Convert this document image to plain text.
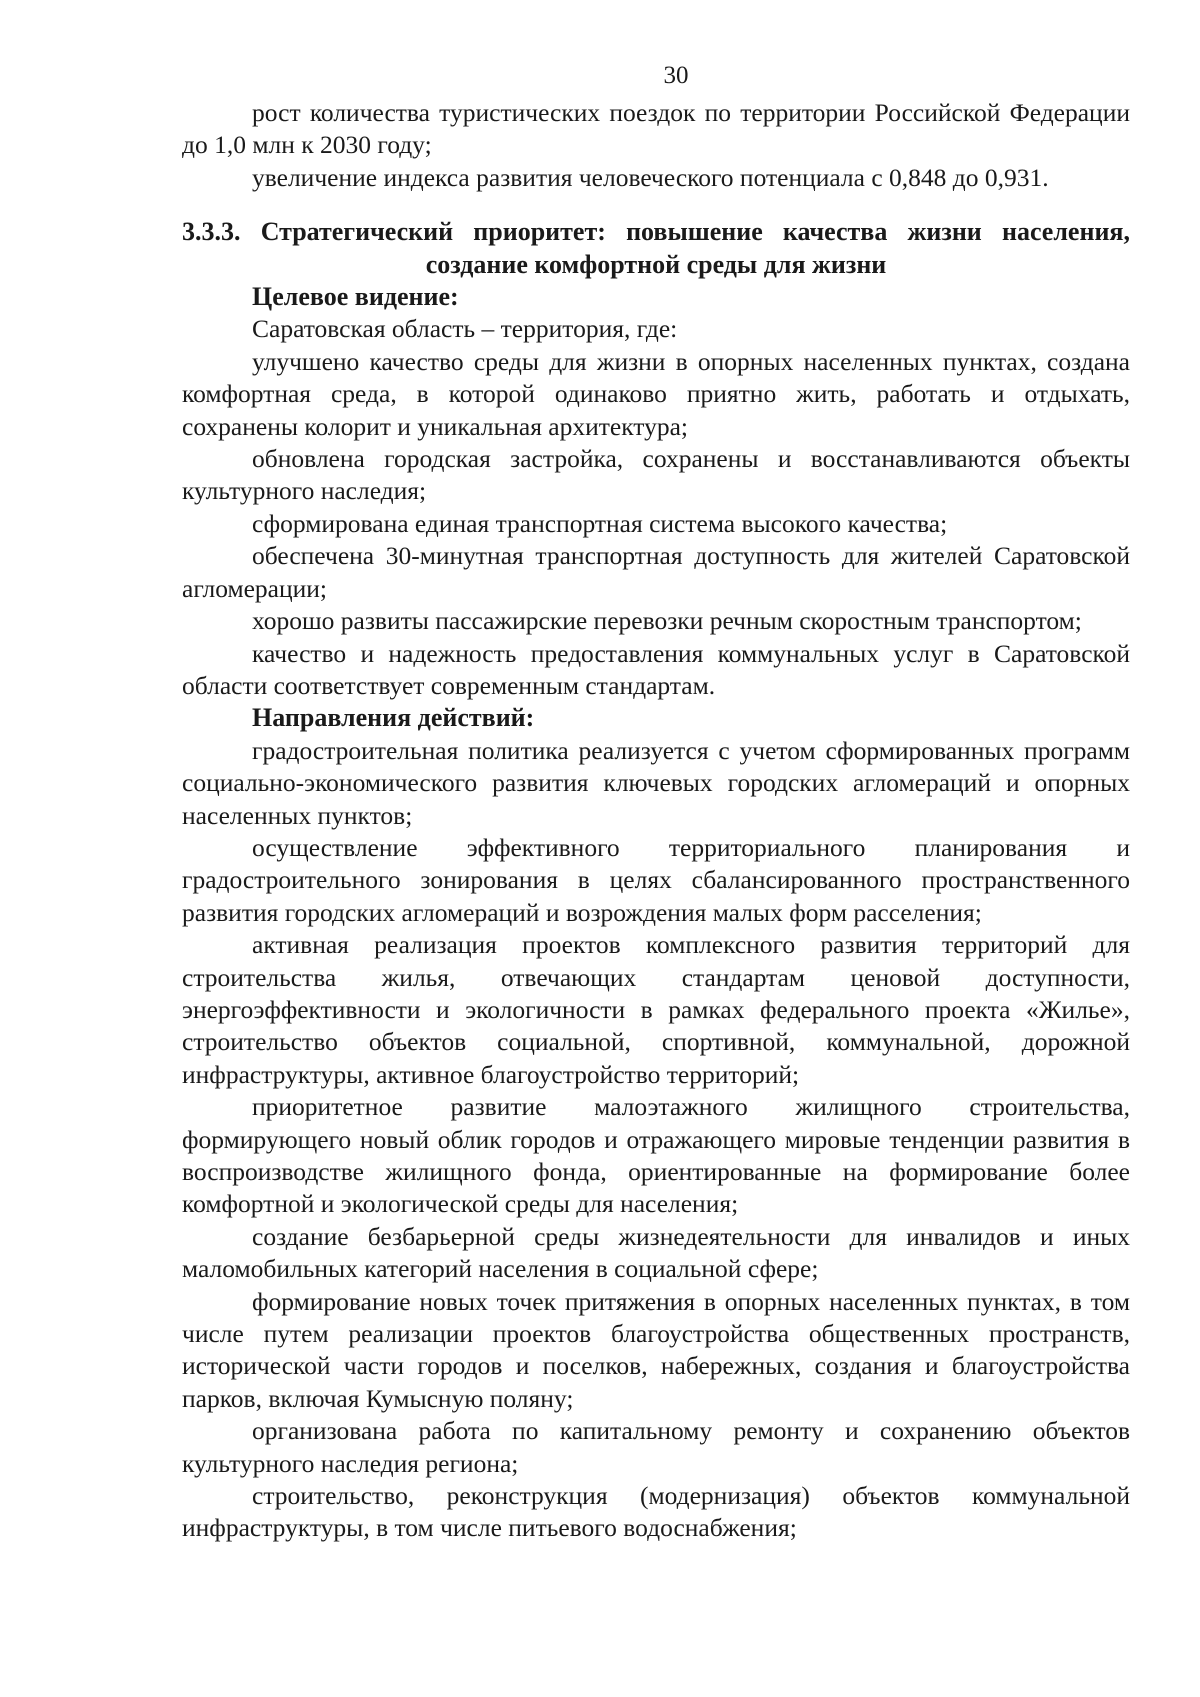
30

рост количества туристических поездок по территории Российской Федерации до 1,0 млн к 2030 году;

увеличение индекса развития человеческого потенциала с 0,848 до 0,931.

3.3.3. Стратегический приоритет: повышение качества жизни населения,
создание комфортной среды для жизни

Целевое видение:

Саратовская область – территория, где:

улучшено качество среды для жизни в опорных населенных пунктах, создана комфортная среда, в которой одинаково приятно жить, работать и отдыхать, сохранены колорит и уникальная архитектура;

обновлена городская застройка, сохранены и восстанавливаются объекты культурного наследия;

сформирована единая транспортная система высокого качества;

обеспечена 30-минутная транспортная доступность для жителей Саратовской агломерации;

хорошо развиты пассажирские перевозки речным скоростным транспортом;

качество и надежность предоставления коммунальных услуг в Саратовской области соответствует современным стандартам.

Направления действий:

градостроительная политика реализуется с учетом сформированных программ социально-экономического развития ключевых городских агломераций и опорных населенных пунктов;

осуществление эффективного территориального планирования и градостроительного зонирования в целях сбалансированного пространственного развития городских агломераций и возрождения малых форм расселения;

активная реализация проектов комплексного развития территорий для строительства жилья, отвечающих стандартам ценовой доступности, энергоэффективности и экологичности в рамках федерального проекта «Жилье», строительство объектов социальной, спортивной, коммунальной, дорожной инфраструктуры, активное благоустройство территорий;

приоритетное развитие малоэтажного жилищного строительства, формирующего новый облик городов и отражающего мировые тенденции развития в воспроизводстве жилищного фонда, ориентированные на формирование более комфортной и экологической среды для населения;

создание безбарьерной среды жизнедеятельности для инвалидов и иных маломобильных категорий населения в социальной сфере;

формирование новых точек притяжения в опорных населенных пунктах, в том числе путем реализации проектов благоустройства общественных пространств, исторической части городов и поселков, набережных, создания и благоустройства парков, включая Кумысную поляну;

организована работа по капитальному ремонту и сохранению объектов культурного наследия региона;

строительство, реконструкция (модернизация) объектов коммунальной инфраструктуры, в том числе питьевого водоснабжения;
